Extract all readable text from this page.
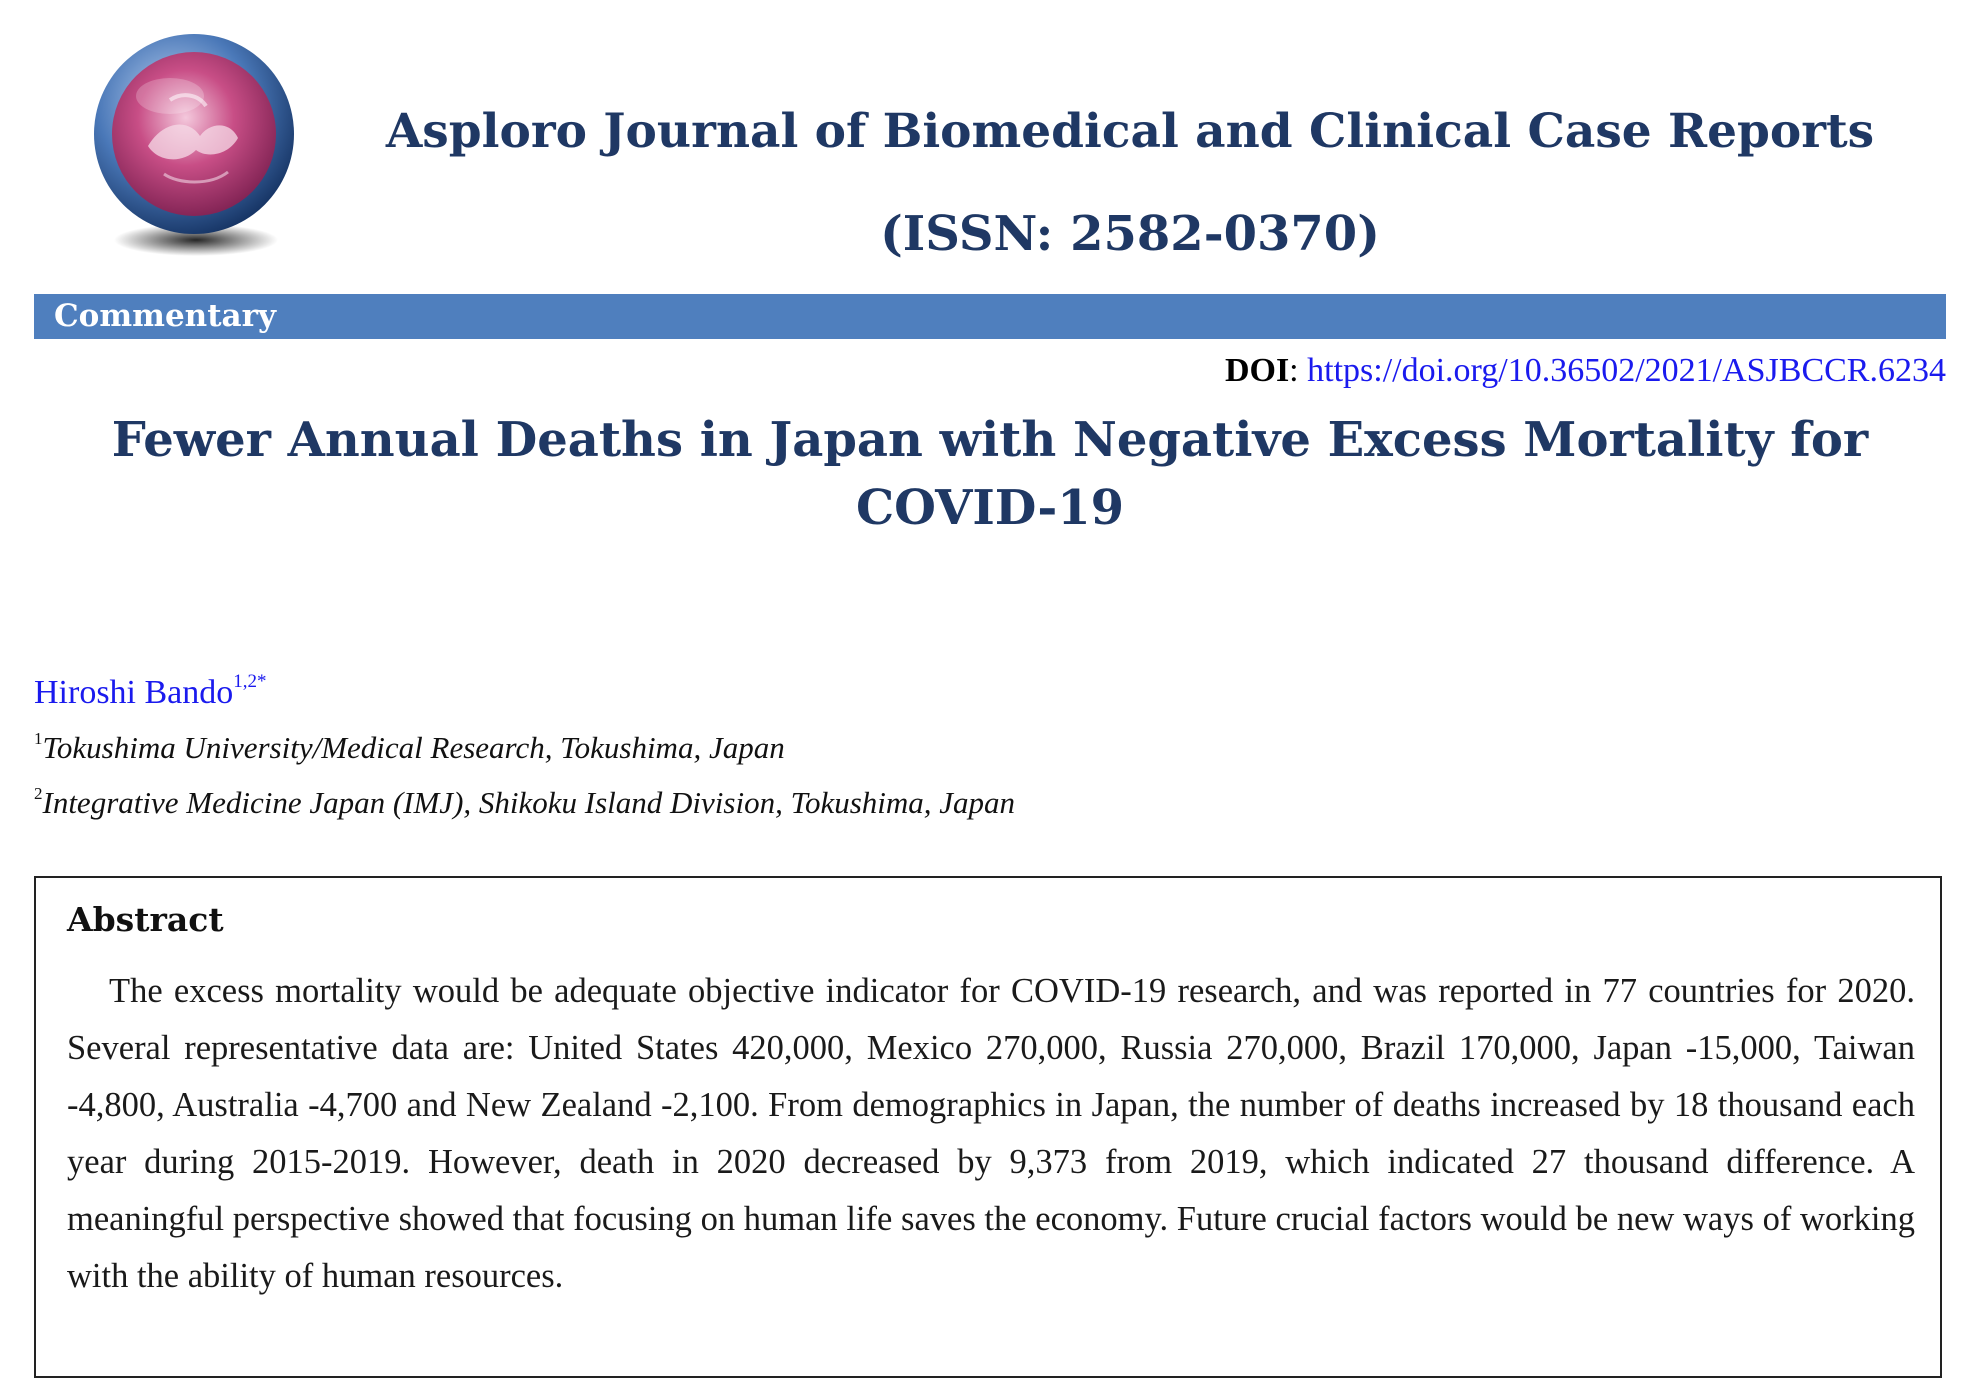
Asploro Journal of Biomedical and Clinical Case Reports
(ISSN: 2582-0370)
Commentary
DOI: https://doi.org/10.36502/2021/ASJBCCR.6234
Fewer Annual Deaths in Japan with Negative Excess Mortality for
COVID-19
Hiroshi Bando$^{1,2*}$
$^1$Tokushima University/Medical Research, Tokushima, Japan
$^2$Integrative Medicine Japan (IMJ), Shikoku Island Division, Tokushima, Japan
Abstract

The excess mortality would be adequate objective indicator for COVID-19 research, and was reported in 77 countries for 2020. Several representative data are: United States 420,000, Mexico 270,000, Russia 270,000, Brazil 170,000, Japan -15,000, Taiwan -4,800, Australia -4,700 and New Zealand -2,100. From demographics in Japan, the number of deaths increased by 18 thousand each year during 2015-2019. However, death in 2020 decreased by 9,373 from 2019, which indicated 27 thousand difference. A meaningful perspective showed that focusing on human life saves the economy. Future crucial factors would be new ways of working with the ability of human resources.
